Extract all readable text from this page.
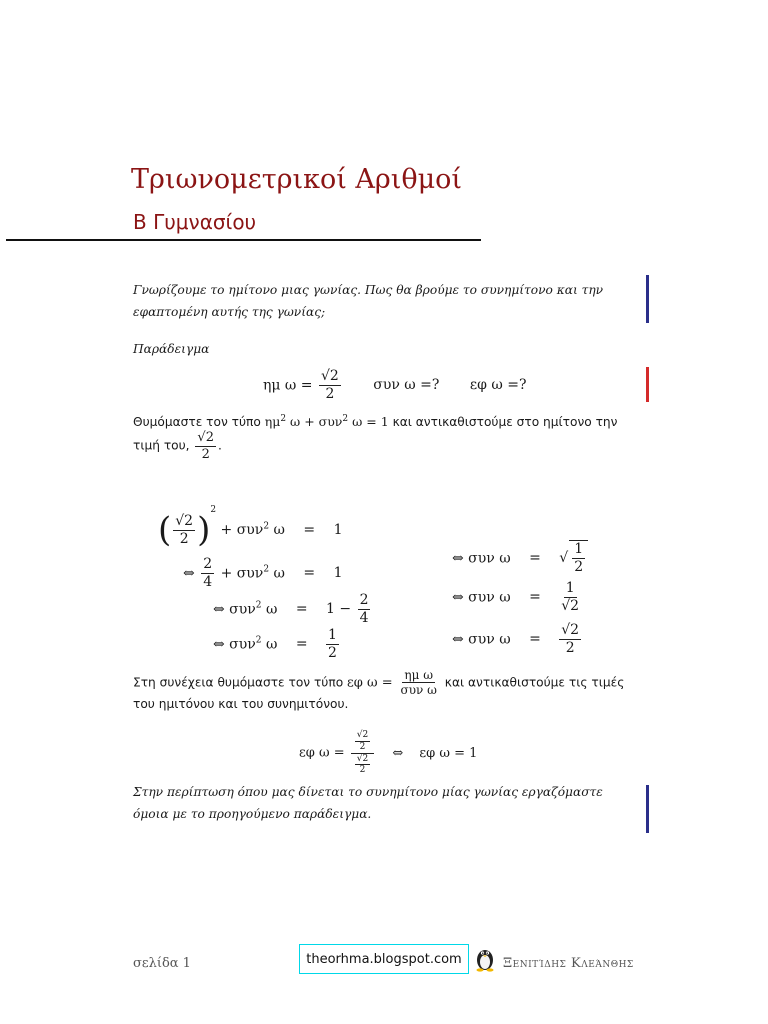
Τριωνομετρικοί Αριθμοί
Β Γυμνασίου
Γνωρίζουμε το ημίτονο μιας γωνίας. Πως θα βρούμε το συνημίτονο και την εφαπτομένη αυτής της γωνίας;
Παράδειγμα
ημ $\omega = \frac{√2}{2}$ συν ω =? εφ ω =?
Θυμόμαστε τον τύπο $\eta\mu^2$ ω + συν$^2$ ω = 1 και αντικαθιστούμε στο ημίτονο την
τιμή του, $\frac{√2}{2}$ .
( $\frac{√2}{2} )^2 + \sigma\upsilon\nu^2$ ω = 1
⇔ $\frac{2}{4} + \sigma\upsilon\nu^2$ ω = 1
⇔ συν$^2$ $\omega = 1 - \frac{2}{4}$
⇔ συν$^2$ $\omega = \frac{1}{2}$
⇔ συν ω = √ $\frac{1}{2}$
⇔ συν $\omega = \frac{1}{√2}$
⇔ συν $\omega = \frac{√2}{2}$
Στη συνέχεια θυμόμαστε τον τύπο εφ $\omega = \frac{\text{ημ ω}}{\text{συν ω}}$ και αντικαθιστούμε τις τιμές
του ημιτόνου και του συνημιτόνου.
εφ $\omega = \frac{\frac{√2}{2}}{\frac{√2}{2}}$ ⇔ εφ ω = 1
Στην περίπτωση όπου μας δίνεται το συνημίτονο μίας γωνίας εργαζόμαστε όμοια με το προηγούμενο παράδειγμα.
σελίδα 1	theorhma.blogspot.com	Ξενιτίδης Κλεάνθης
